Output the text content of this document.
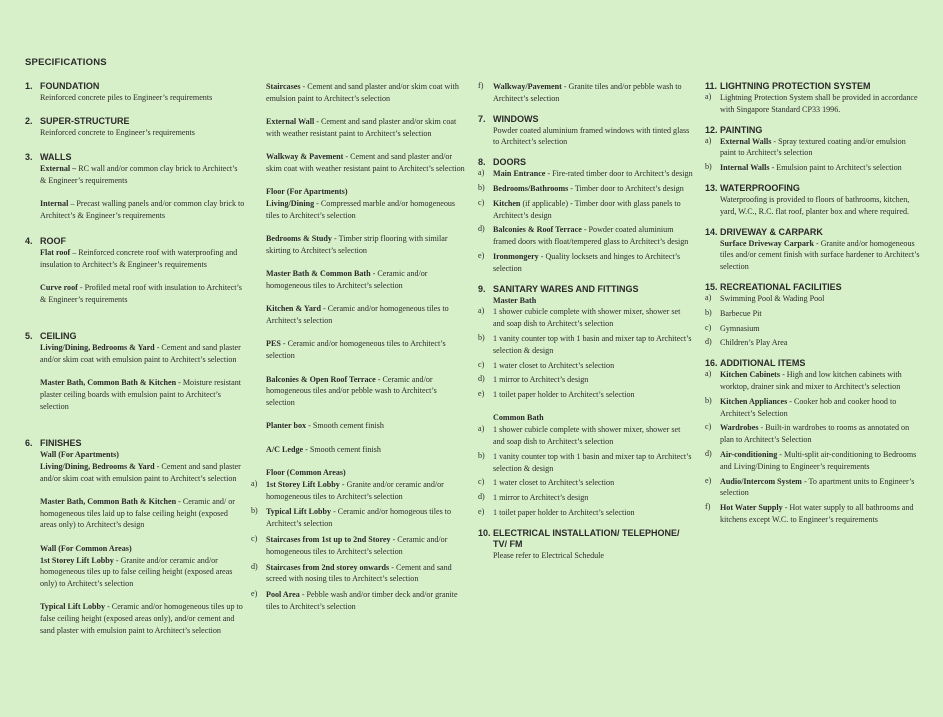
SPECIFICATIONS
1. FOUNDATION
Reinforced concrete piles to Engineer’s requirements
2. SUPER-STRUCTURE
Reinforced concrete to Engineer’s requirements
3. WALLS
External – RC wall and/or common clay brick to Architect’s & Engineer’s requirements
Internal – Precast walling panels and/or common clay brick to Architect’s & Engineer’s requirements
4. ROOF
Flat roof – Reinforced concrete roof with waterproofing and insulation to Architect’s & Engineer’s requirements
Curve roof - Profiled metal roof with insulation to Architect’s & Engineer’s requirements
5. CEILING
Living/Dining, Bedrooms & Yard - Cement and sand plaster and/or skim coat with emulsion paint to Architect’s selection
Master Bath, Common Bath & Kitchen - Moisture resistant plaster ceiling boards with emulsion paint to Architect’s selection
6. FINISHES
Wall (For Apartments)
Living/Dining, Bedrooms & Yard - Cement and sand plaster and/or skim coat with emulsion paint to Architect’s selection
Master Bath, Common Bath & Kitchen - Ceramic and/ or homogeneous tiles laid up to false ceiling height (exposed areas only) to Architect’s design
Wall (For Common Areas)
1st Storey Lift Lobby - Granite and/or ceramic and/or homogeneous tiles up to false ceiling height (exposed areas only) to Architect’s selection
Typical Lift Lobby - Ceramic and/or homogeneous tiles up to false ceiling height (exposed areas only), and/or cement and sand plaster with emulsion paint to Architect’s selection
Staircases - Cement and sand plaster and/or skim coat with emulsion paint to Architect’s selection
External Wall - Cement and sand plaster and/or skim coat with weather resistant paint to Architect’s selection
Walkway & Pavement - Cement and sand plaster and/or skim coat with weather resistant paint to Architect’s selection
Floor (For Apartments)
Living/Dining - Compressed marble and/or homogeneous tiles to Architect’s selection
Bedrooms & Study - Timber strip flooring with similar skirting to Architect’s selection
Master Bath & Common Bath - Ceramic and/or homogeneous tiles to Architect’s selection
Kitchen & Yard - Ceramic and/or homogeneous tiles to Architect’s selection
PES - Ceramic and/or homogeneous tiles to Architect’s selection
Balconies & Open Roof Terrace - Ceramic and/or homogeneous tiles and/or pebble wash to Architect’s selection
Planter box - Smooth cement finish
A/C Ledge - Smooth cement finish
Floor (Common Areas)
a)	1st Storey Lift Lobby - Granite and/or ceramic and/or homogeneous tiles to Architect’s selection
b)	Typical Lift Lobby - Ceramic and/or homogeous tiles to Architect’s selection
c)	Staircases from 1st up to 2nd Storey - Ceramic and/or homogeneous tiles to Architect’s selection
d)	Staircases from 2nd storey onwards - Cement and sand screed with nosing tiles to Architect’s selection
e)	Pool Area - Pebble wash and/or timber deck and/or granite tiles to Architect’s selection
f)	Walkway/Pavement - Granite tiles and/or pebble wash to Architect’s selection
7. WINDOWS
Powder coated aluminium framed windows with tinted glass to Architect’s selection
8. DOORS
a)	Main Entrance - Fire-rated timber door to Architect’s design
b)	Bedrooms/Bathrooms - Timber door to Architect’s design
c)	Kitchen (if applicable) - Timber door with glass panels to Architect’s design
d)	Balconies & Roof Terrace - Powder coated aluminium framed doors with float/tempered glass to Architect’s design
e)	Ironmongery - Quality locksets and hinges to Architect’s selection
9. SANITARY WARES AND FITTINGS
Master Bath
a)	1 shower cubicle complete with shower mixer, shower set and soap dish to Architect’s selection
b)	1 vanity counter top with 1 basin and mixer tap to Architect’s selection & design
c)	1 water closet to Architect’s selection
d)	1 mirror to Architect’s design
e)	1 toilet paper holder to Architect’s selection
Common Bath
a)	1 shower cubicle complete with shower mixer, shower set and soap dish to Architect’s selection
b)	1 vanity counter top with 1 basin and mixer tap to Architect’s selection & design
c)	1 water closet to Architect’s selection
d)	1 mirror to Architect’s design
e)	1 toilet paper holder to Architect’s selection
10. ELECTRICAL INSTALLATION/ TELEPHONE/ TV/ FM
Please refer to Electrical Schedule
11. LIGHTNING PROTECTION SYSTEM
a)	Lightning Protection System shall be provided in accordance with Singapore Standard CP33 1996.
12. PAINTING
a)	External Walls - Spray textured coating and/or emulsion paint to Architect’s selection
b)	Internal Walls - Emulsion paint to Architect’s selection
13. WATERPROOFING
Waterproofing is provided to floors of bathrooms, kitchen, yard, W.C., R.C. flat roof, planter box and where required.
14. DRIVEWAY & CARPARK
Surface Driveway Carpark - Granite and/or homogeneous tiles and/or cement finish with surface hardener to Architect’s selection
15. RECREATIONAL FACILITIES
a)	Swimming Pool & Wading Pool
b)	Barbecue Pit
c)	Gymnasium
d)	Children’s Play Area
16. ADDITIONAL ITEMS
a)	Kitchen Cabinets - High and low kitchen cabinets with worktop, drainer sink and mixer to Architect’s selection
b)	Kitchen Appliances - Cooker hob and cooker hood to Architect’s Selection
c)	Wardrobes - Built-in wardrobes to rooms as annotated on plan to Architect’s Selection
d)	Air-conditioning - Multi-split air-conditioning to Bedrooms and Living/Dining to Engineer’s requirements
e)	Audio/Intercom System - To apartment units to Engineer’s selection
f)	Hot Water Supply - Hot water supply to all bathrooms and kitchens except W.C. to Engineer’s requirements
